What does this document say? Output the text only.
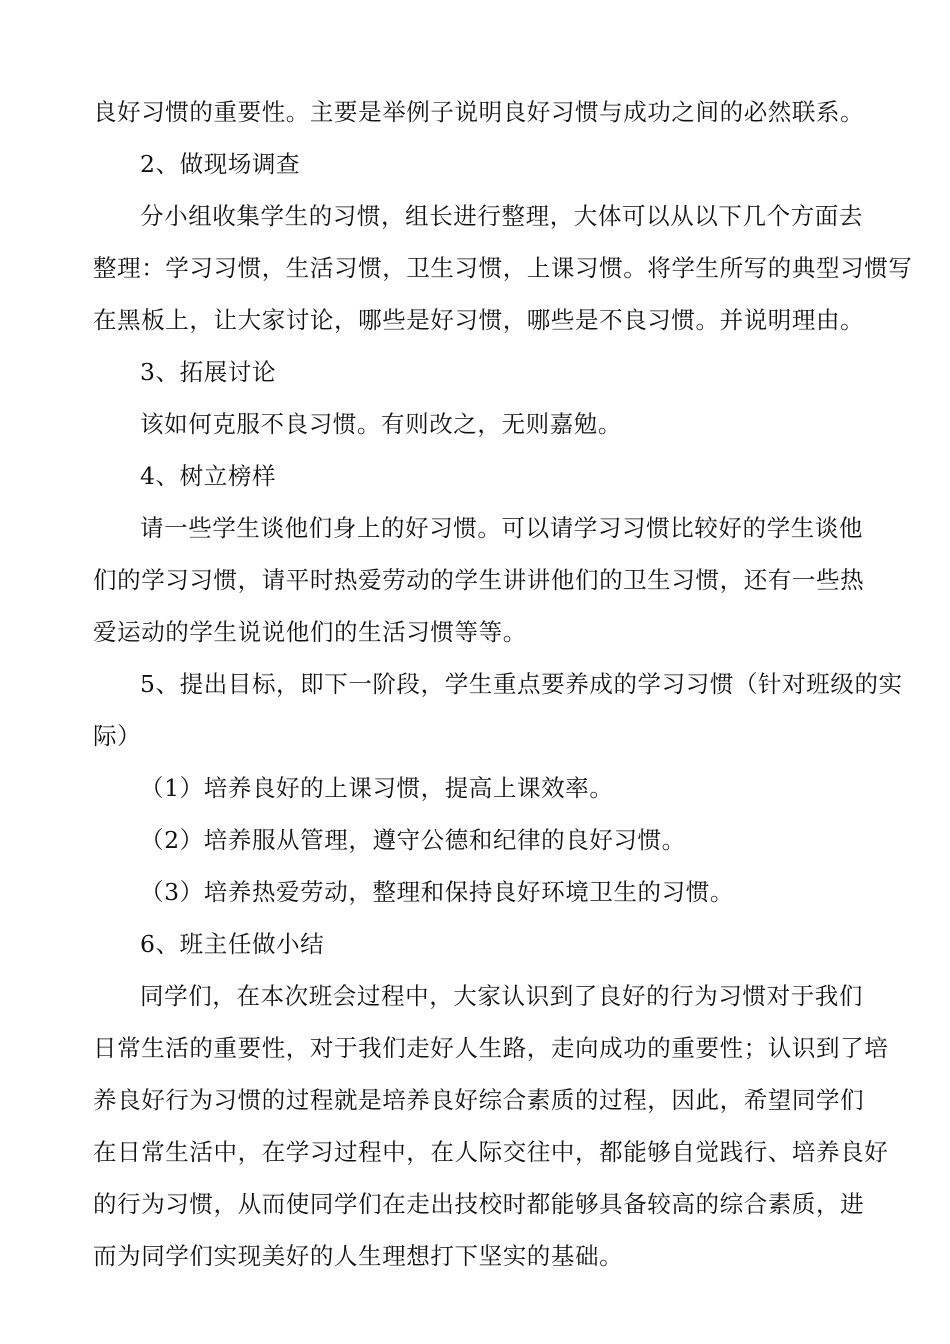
良好习惯的重要性。主要是举例子说明良好习惯与成功之间的必然联系。
2、做现场调查
分小组收集学生的习惯，组长进行整理，大体可以从以下几个方面去
整理：学习习惯，生活习惯，卫生习惯，上课习惯。将学生所写的典型习惯写
在黑板上，让大家讨论，哪些是好习惯，哪些是不良习惯。并说明理由。
3、拓展讨论
该如何克服不良习惯。有则改之，无则嘉勉。
4、树立榜样
请一些学生谈他们身上的好习惯。可以请学习习惯比较好的学生谈他
们的学习习惯，请平时热爱劳动的学生讲讲他们的卫生习惯，还有一些热
爱运动的学生说说他们的生活习惯等等。
5、提出目标，即下一阶段，学生重点要养成的学习习惯（针对班级的实
际）
（1）培养良好的上课习惯，提高上课效率。
（2）培养服从管理，遵守公德和纪律的良好习惯。
（3）培养热爱劳动，整理和保持良好环境卫生的习惯。
6、班主任做小结
同学们，在本次班会过程中，大家认识到了良好的行为习惯对于我们
日常生活的重要性，对于我们走好人生路，走向成功的重要性；认识到了培
养良好行为习惯的过程就是培养良好综合素质的过程，因此，希望同学们
在日常生活中，在学习过程中，在人际交往中，都能够自觉践行、培养良好
的行为习惯，从而使同学们在走出技校时都能够具备较高的综合素质，进
而为同学们实现美好的人生理想打下坚实的基础。
